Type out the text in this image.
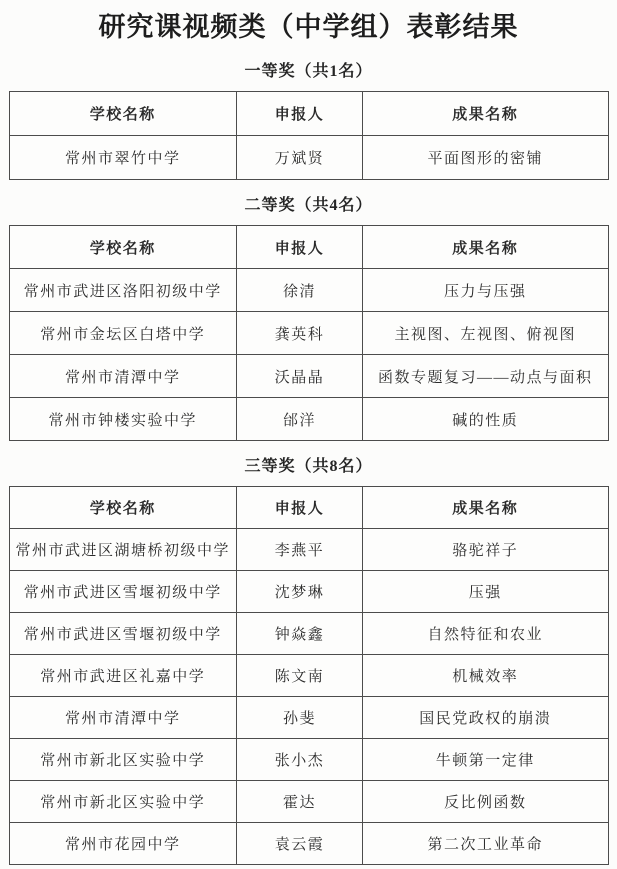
研究课视频类（中学组）表彰结果
一等奖（共1名）
学校名称	申报人	成果名称
常州市翠竹中学	万斌贤	平面图形的密铺
二等奖（共4名）
学校名称	申报人	成果名称
常州市武进区洛阳初级中学	徐清	压力与压强
常州市金坛区白塔中学	龚英科	主视图、左视图、俯视图
常州市清潭中学	沃晶晶	函数专题复习——动点与面积
常州市钟楼实验中学	邰洋	碱的性质
三等奖（共8名）
学校名称	申报人	成果名称
常州市武进区湖塘桥初级中学	李燕平	骆驼祥子
常州市武进区雪堰初级中学	沈梦琳	压强
常州市武进区雪堰初级中学	钟焱鑫	自然特征和农业
常州市武进区礼嘉中学	陈文南	机械效率
常州市清潭中学	孙斐	国民党政权的崩溃
常州市新北区实验中学	张小杰	牛顿第一定律
常州市新北区实验中学	霍达	反比例函数
常州市花园中学	袁云霞	第二次工业革命
